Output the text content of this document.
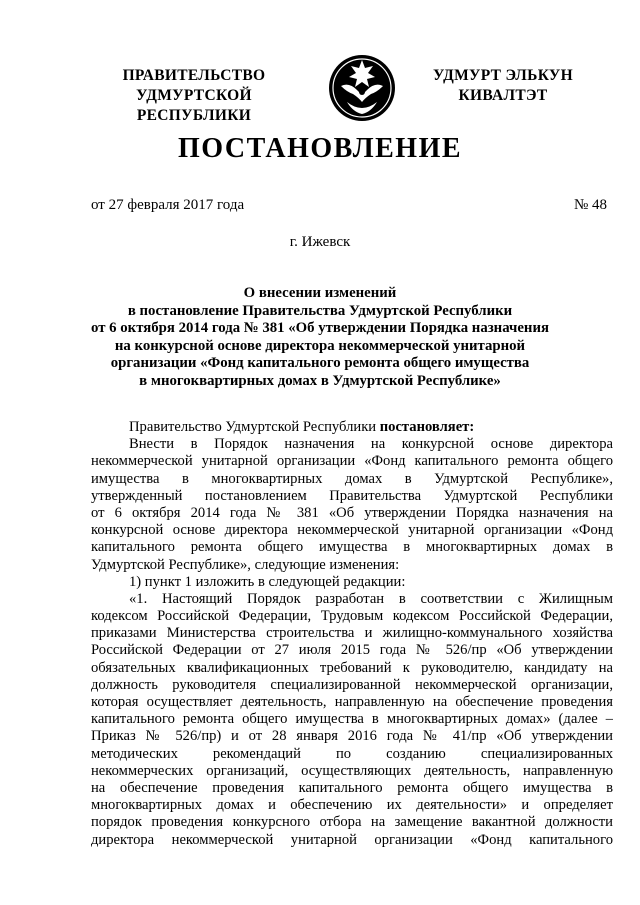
ПРАВИТЕЛЬСТВО
УДМУРТСКОЙ РЕСПУБЛИКИ
УДМУРТ ЭЛЬКУН
КИВАЛТЭТ
ПОСТАНОВЛЕНИЕ
от 27 февраля 2017 года	№ 48
г. Ижевск
О внесении изменений
в постановление Правительства Удмуртской Республики
от 6 октября 2014 года № 381 «Об утверждении Порядка назначения
на конкурсной основе директора некоммерческой унитарной
организации «Фонд капитального ремонта общего имущества
в многоквартирных домах в Удмуртской Республике»
Правительство Удмуртской Республики постановляет:
Внести в Порядок назначения на конкурсной основе директора
некоммерческой унитарной организации «Фонд капитального ремонта общего
имущества в многоквартирных домах в Удмуртской Республике»,
утвержденный постановлением Правительства Удмуртской Республики
от 6 октября 2014 года № 381 «Об утверждении Порядка назначения на
конкурсной основе директора некоммерческой унитарной организации «Фонд
капитального ремонта общего имущества в многоквартирных домах в
Удмуртской Республике», следующие изменения:
1) пункт 1 изложить в следующей редакции:
«1. Настоящий Порядок разработан в соответствии с Жилищным
кодексом Российской Федерации, Трудовым кодексом Российской Федерации,
приказами Министерства строительства и жилищно-коммунального хозяйства
Российской Федерации от 27 июля 2015 года № 526/пр «Об утверждении
обязательных квалификационных требований к руководителю, кандидату на
должность руководителя специализированной некоммерческой организации,
которая осуществляет деятельность, направленную на обеспечение проведения
капитального ремонта общего имущества в многоквартирных домах» (далее –
Приказ № 526/пр) и от 28 января 2016 года № 41/пр «Об утверждении
методических рекомендаций по созданию специализированных
некоммерческих организаций, осуществляющих деятельность, направленную
на обеспечение проведения капитального ремонта общего имущества в
многоквартирных домах и обеспечению их деятельности» и определяет
порядок проведения конкурсного отбора на замещение вакантной должности
директора некоммерческой унитарной организации «Фонд капитального
